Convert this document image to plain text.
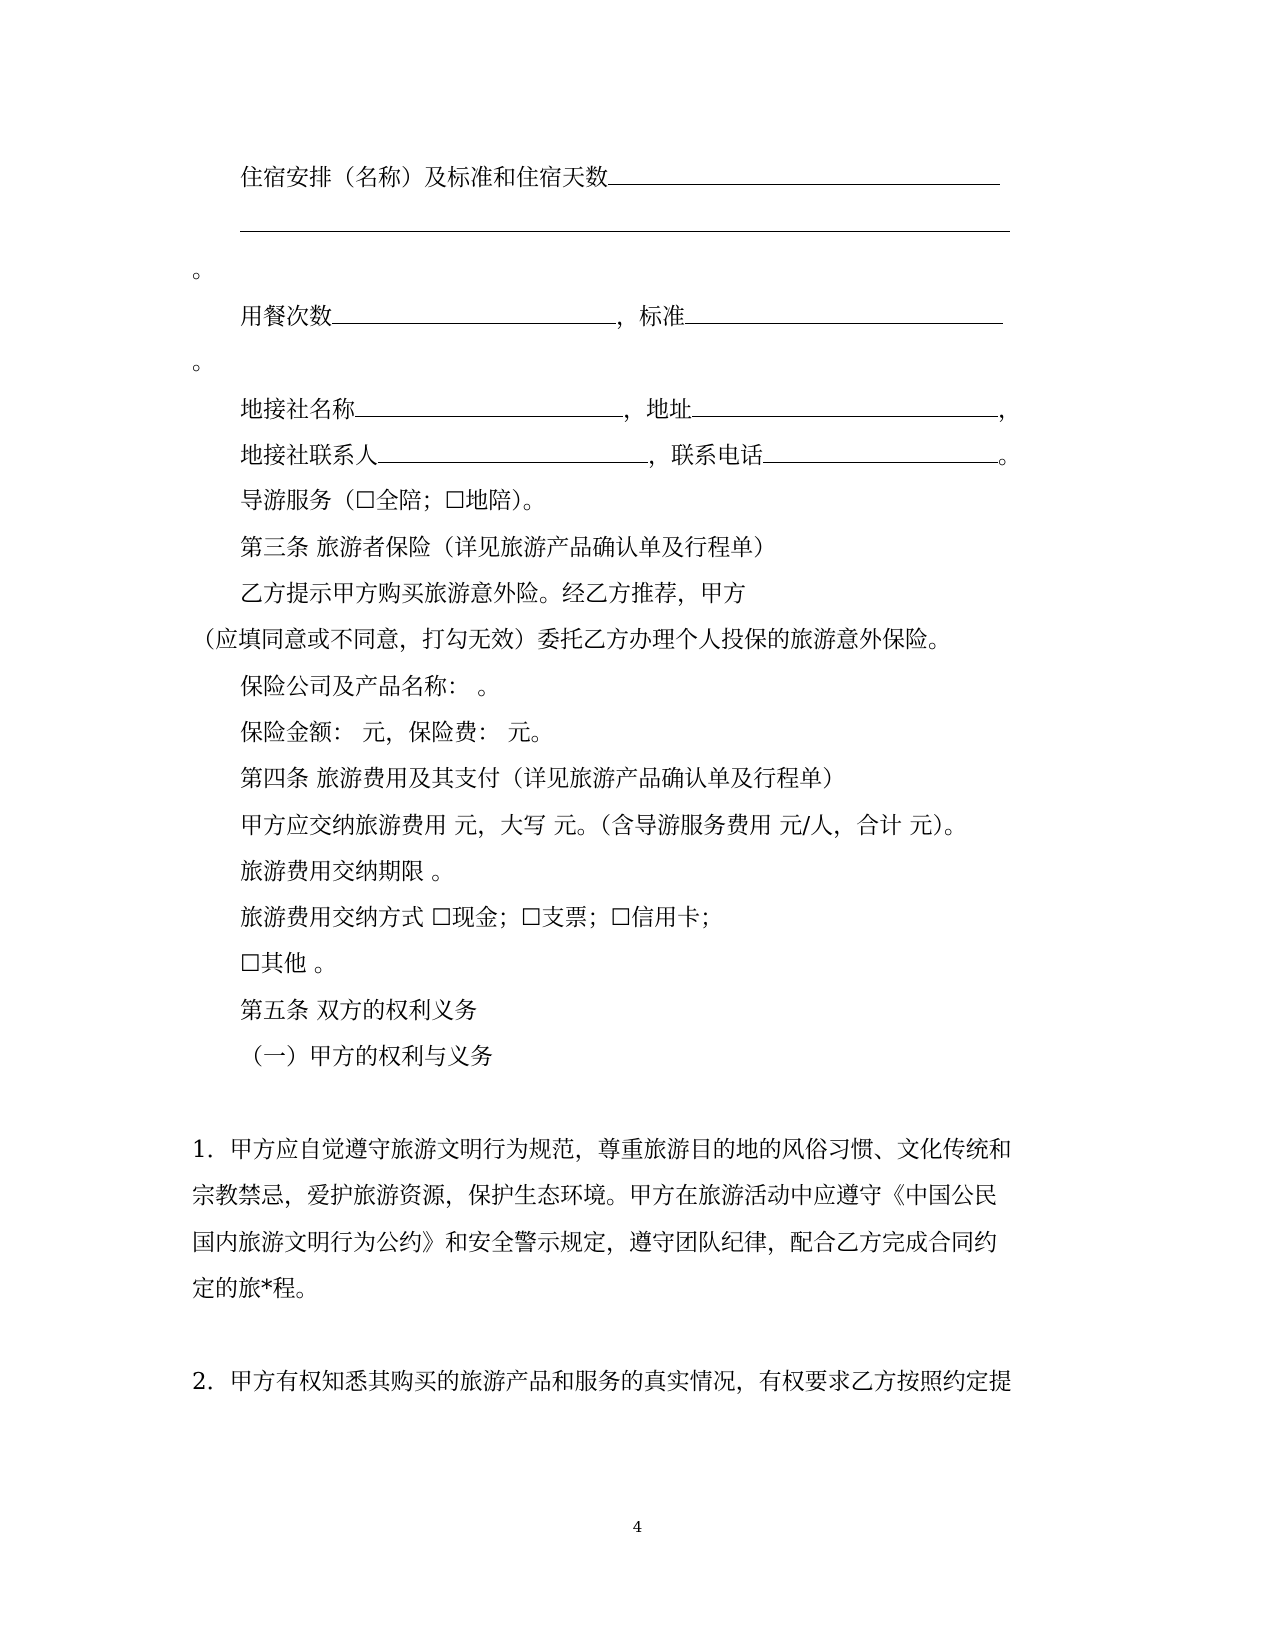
住宿安排（名称）及标准和住宿天数

。

用餐次数	，标准

。

地接社名称	，地址	，

地接社联系人	，联系电话	。

导游服务（☐全陪；☐地陪）。

第三条 旅游者保险（详见旅游产品确认单及行程单）

乙方提示甲方购买旅游意外险。经乙方推荐，甲方

（应填同意或不同意，打勾无效）委托乙方办理个人投保的旅游意外保险。

保险公司及产品名称： 。

保险金额： 元，保险费： 元。

第四条 旅游费用及其支付（详见旅游产品确认单及行程单）

甲方应交纳旅游费用 元，大写 元。（含导游服务费用 元/人，合计 元）。

旅游费用交纳期限 。

旅游费用交纳方式 ☐现金；☐支票；☐信用卡；

☐其他 。

第五条 双方的权利义务

（一）甲方的权利与义务

1．甲方应自觉遵守旅游文明行为规范，尊重旅游目的地的风俗习惯、文化传统和

宗教禁忌，爱护旅游资源，保护生态环境。甲方在旅游活动中应遵守《中国公民

国内旅游文明行为公约》和安全警示规定，遵守团队纪律，配合乙方完成合同约

定的旅*程。

2．甲方有权知悉其购买的旅游产品和服务的真实情况，有权要求乙方按照约定提

4
